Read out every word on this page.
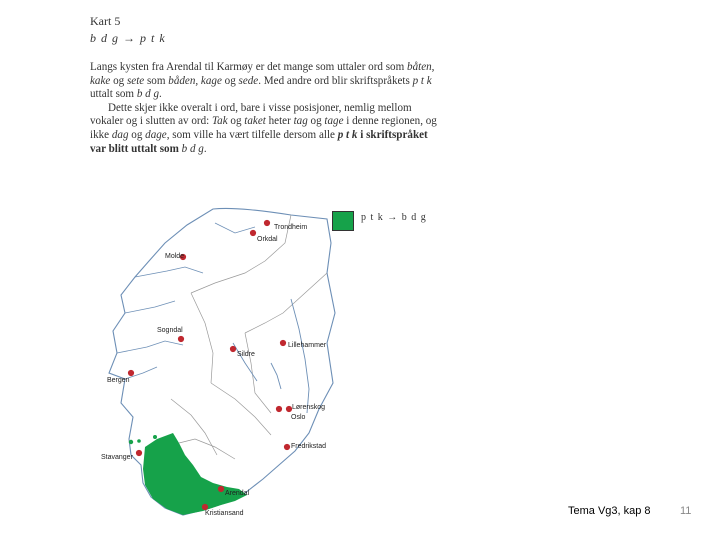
Kart 5
b d g → p t k

Langs kysten fra Arendal til Karmøy er det mange som uttaler ord som båten, kake og sete som båden, kage og sede. Med andre ord blir skriftspråkets p t k uttalt som b d g.

Dette skjer ikke overalt i ord, bare i visse posisjoner, nemlig mellom vokaler og i slutten av ord: Tak og taket heter tag og tage i denne regionen, og ikke dag og dage, som ville ha vært tilfelle dersom alle p t k i skriftspråket var blitt uttalt som b d g.

Trondheim
Orkdal
Molde
Sogndal
Sildre
Lillehammer
Bergen
Lørenskog
Oslo
Fredrikstad
Stavanger
Arendal
Kristiansand
p t k → b d g
Tema Vg3, kap 8	11
